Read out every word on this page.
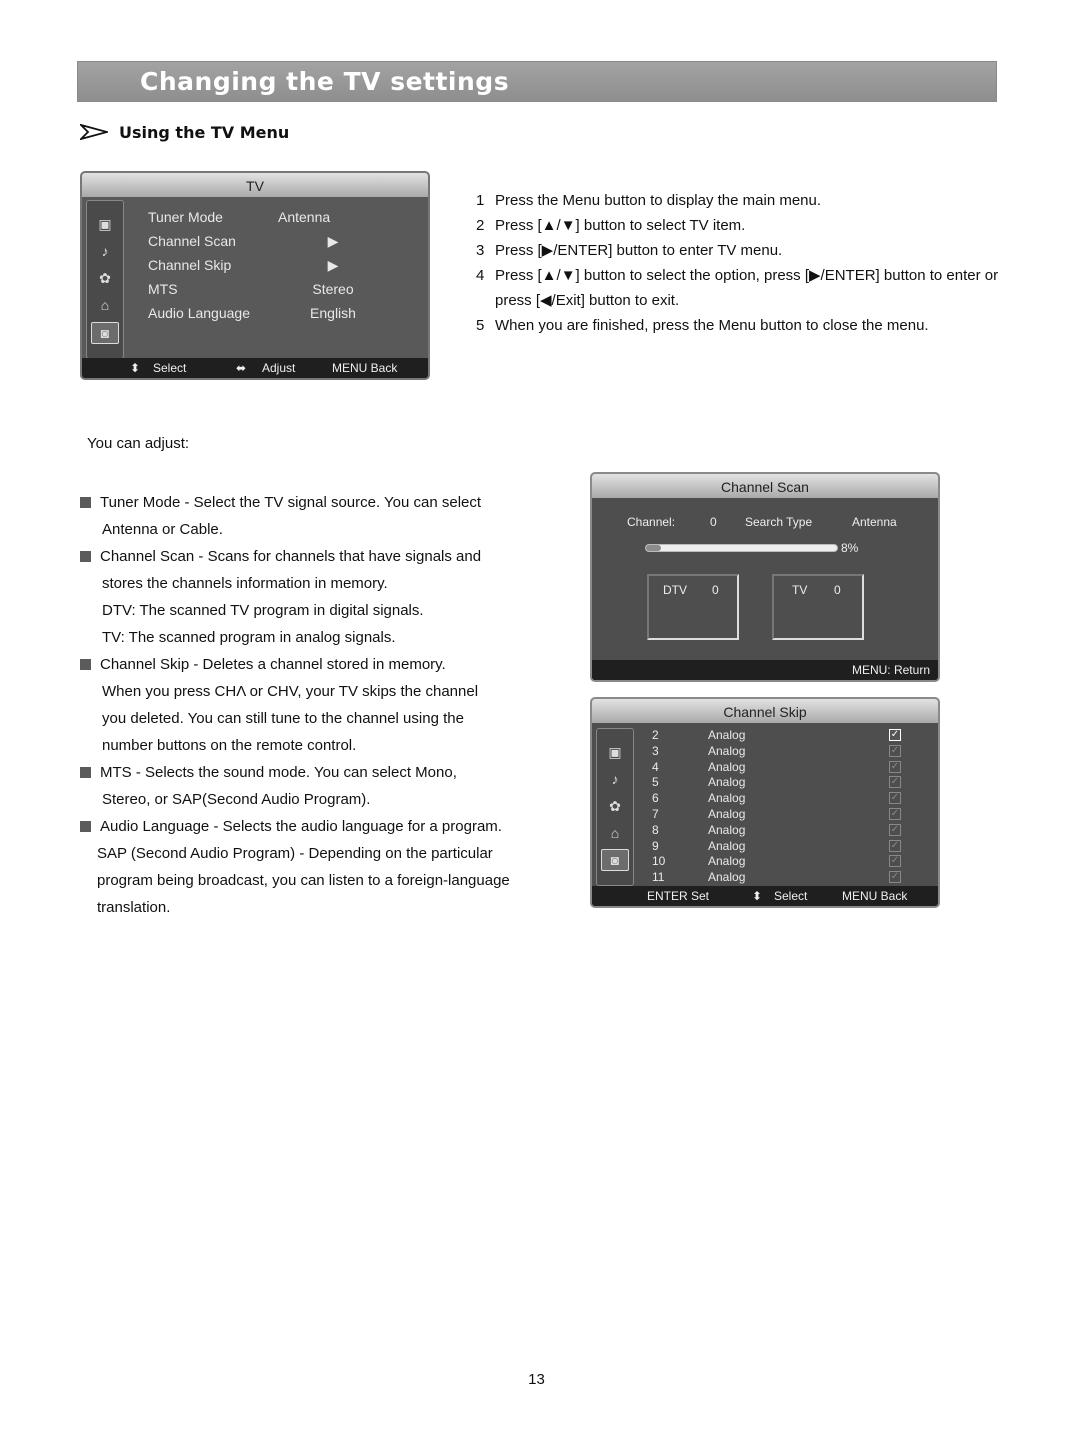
Changing the TV settings
Using the TV Menu
TV
▣
♪
✿
⌂
◙
Tuner Mode	Antenna
Channel Scan	▶
Channel Skip	▶
MTS	Stereo
Audio Language	English
⬍ Select	⬌ Adjust	MENU Back
1 Press the Menu button to display the main menu.
2 Press [▲/▼] button to select TV item.
3 Press [▶/ENTER] button to enter TV menu.
4 Press [▲/▼] button to select the option, press [▶/ENTER] button to enter or press [◀/Exit] button to exit.
5 When you are finished, press the Menu button to close the menu.
You can adjust:
Tuner Mode - Select the TV signal source. You can select
Antenna or Cable.
Channel Scan - Scans for channels that have signals and
stores the channels information in memory.
DTV: The scanned TV program in digital signals.
TV: The scanned program in analog signals.
Channel Skip - Deletes a channel stored in memory.
When you press CHΛ or CHV, your TV skips the channel
you deleted. You can still tune to the channel using the
number buttons on the remote control.
MTS - Selects the sound mode. You can select Mono,
Stereo, or SAP(Second Audio Program).
Audio Language - Selects the audio language for a program.
SAP (Second Audio Program) - Depending on the particular
program being broadcast, you can listen to a foreign-language
translation.
Channel Scan
Channel:	0 Search Type	Antenna
8%
DTV 0	TV 0
MENU: Return
Channel Skip
▣
♪
✿
⌂
◙
2	Analog	✓
3	Analog	✓
4	Analog	✓
5	Analog	✓
6	Analog	✓
7	Analog	✓
8	Analog	✓
9	Analog	✓
10	Analog	✓
11	Analog	✓
ENTER Set	⬍ Select	MENU Back
13
